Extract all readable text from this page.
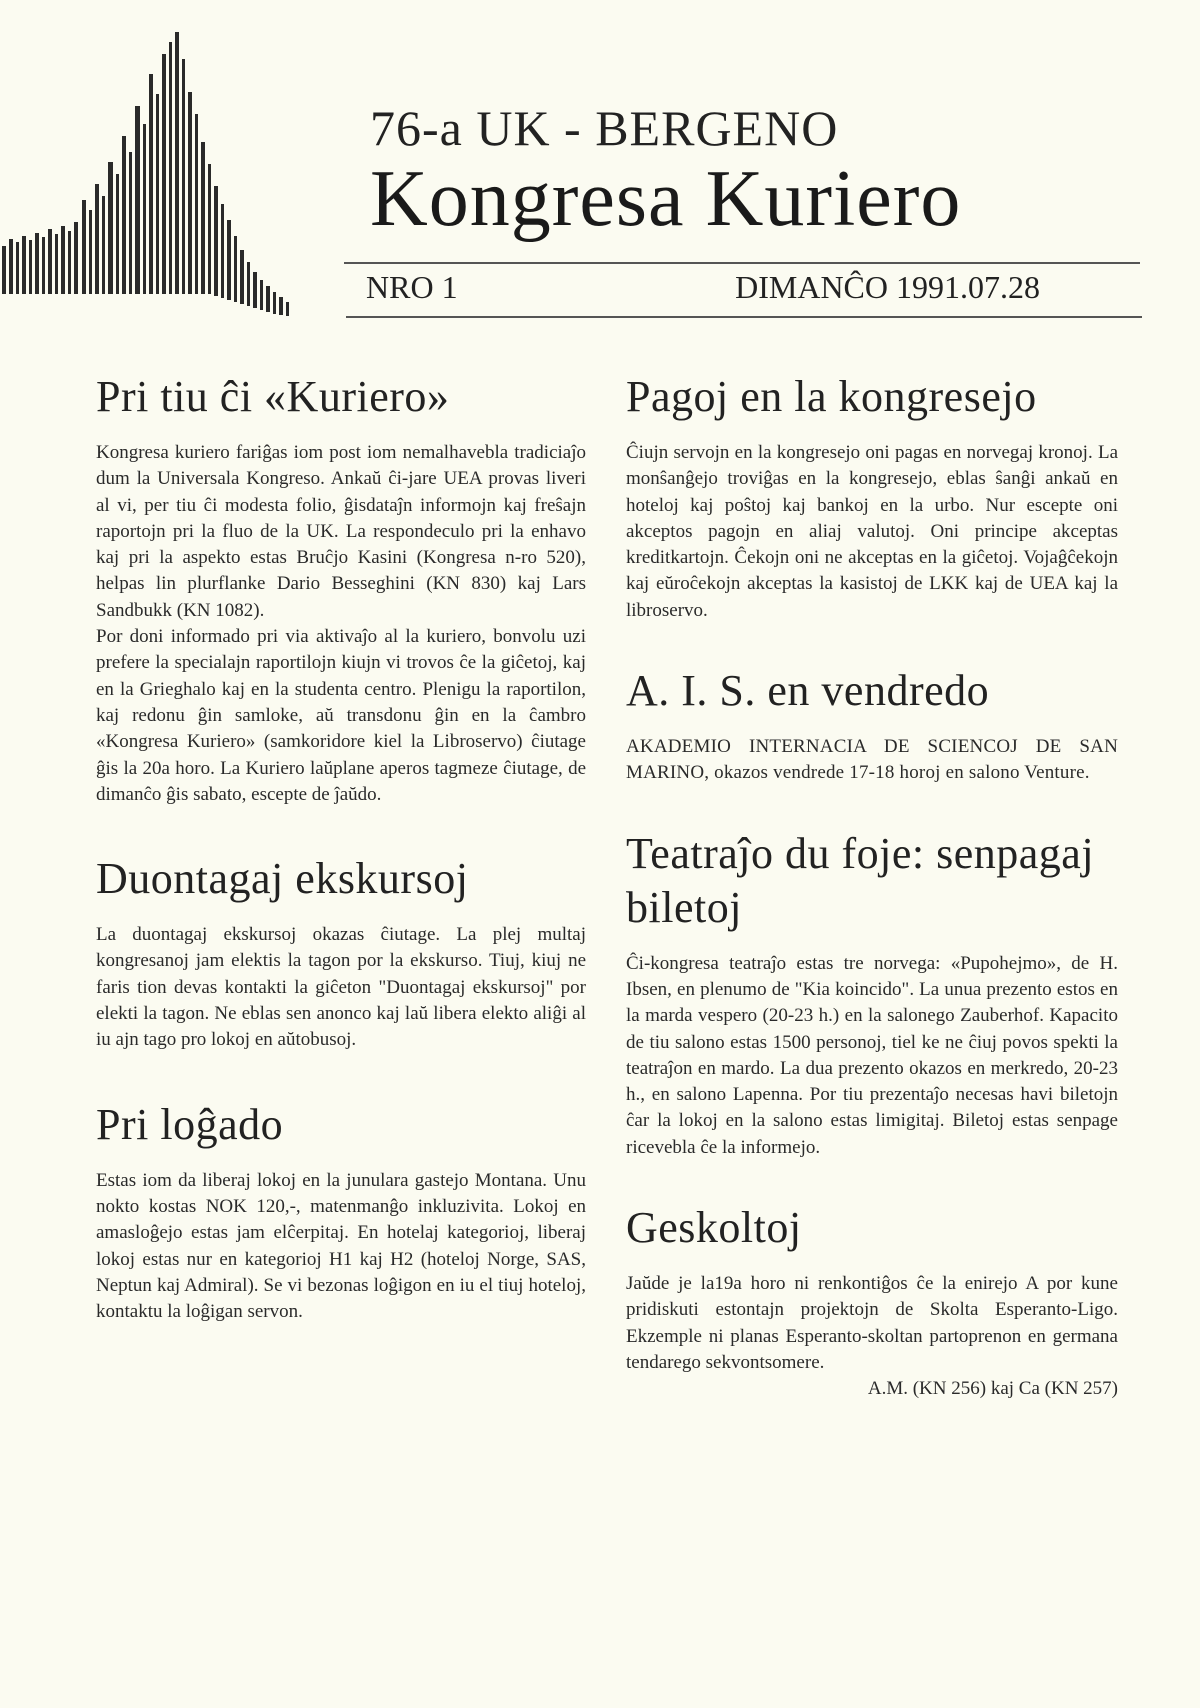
76-a UK - BERGENO
Kongresa Kuriero
NRO 1	DIMANĈO 1991.07.28
Pri tiu ĉi «Kuriero»

Kongresa kuriero fariĝas iom post iom nemalhavebla tradiciaĵo dum la Universala Kongreso. Ankaŭ ĉi-jare UEA provas liveri al vi, per tiu ĉi modesta folio, ĝisdataĵn informojn kaj freŝajn raportojn pri la fluo de la UK. La respondeculo pri la enhavo kaj pri la aspekto estas Bruĉjo Kasini (Kongresa n-ro 520), helpas lin plurflanke Dario Besseghini (KN 830) kaj Lars Sandbukk (KN 1082).

Por doni informado pri via aktivaĵo al la kuriero, bonvolu uzi prefere la specialajn raportilojn kiujn vi trovos ĉe la giĉetoj, kaj en la Grieghalo kaj en la studenta centro. Plenigu la raportilon, kaj redonu ĝin samloke, aŭ transdonu ĝin en la ĉambro «Kongresa Kuriero» (samkoridore kiel la Libroservo) ĉiutage ĝis la 20a horo. La Kuriero laŭplane aperos tagmeze ĉiutage, de dimanĉo ĝis sabato, escepte de ĵaŭdo.

Duontagaj ekskursoj

La duontagaj ekskursoj okazas ĉiutage. La plej multaj kongresanoj jam elektis la tagon por la ekskurso. Tiuj, kiuj ne faris tion devas kontakti la giĉeton "Duontagaj ekskursoj" por elekti la tagon. Ne eblas sen anonco kaj laŭ libera elekto aliĝi al iu ajn tago pro lokoj en aŭtobusoj.

Pri loĝado

Estas iom da liberaj lokoj en la junulara gastejo Montana. Unu nokto kostas NOK 120,-, matenmanĝo inkluzivita. Lokoj en amasloĝejo estas jam elĉerpitaj. En hotelaj kategorioj, liberaj lokoj estas nur en kategorioj H1 kaj H2 (hoteloj Norge, SAS, Neptun kaj Admiral). Se vi bezonas loĝigon en iu el tiuj hoteloj, kontaktu la loĝigan servon.

Pagoj en la kongresejo

Ĉiujn servojn en la kongresejo oni pagas en norvegaj kronoj. La monŝanĝejo troviĝas en la kongresejo, eblas ŝanĝi ankaŭ en hoteloj kaj poŝtoj kaj bankoj en la urbo. Nur escepte oni akceptos pagojn en aliaj valutoj. Oni principe akceptas kreditkartojn. Ĉekojn oni ne akceptas en la giĉetoj. Vojaĝĉekojn kaj eŭroĉekojn akceptas la kasistoj de LKK kaj de UEA kaj la libroservo.

A. I. S. en vendredo

AKADEMIO INTERNACIA DE SCIENCOJ DE SAN MARINO, okazos vendrede 17-18 horoj en salono Venture.

Teatraĵo du foje: senpagaj biletoj

Ĉi-kongresa teatraĵo estas tre norvega: «Pupohejmo», de H. Ibsen, en plenumo de "Kia koincido". La unua prezento estos en la marda vespero (20-23 h.) en la salonego Zauberhof. Kapacito de tiu salono estas 1500 personoj, tiel ke ne ĉiuj povos spekti la teatraĵon en mardo. La dua prezento okazos en merkredo, 20-23 h., en salono Lapenna. Por tiu prezentaĵo necesas havi biletojn ĉar la lokoj en la salono estas limigitaj. Biletoj estas senpage ricevebla ĉe la informejo.

Geskoltoj

Jaŭde je la19a horo ni renkontiĝos ĉe la enirejo A por kune pridiskuti estontajn projektojn de Skolta Esperanto-Ligo. Ekzemple ni planas Esperanto-skoltan partoprenon en germana tendarego sekvontsomere.

A.M. (KN 256) kaj Ca (KN 257)
